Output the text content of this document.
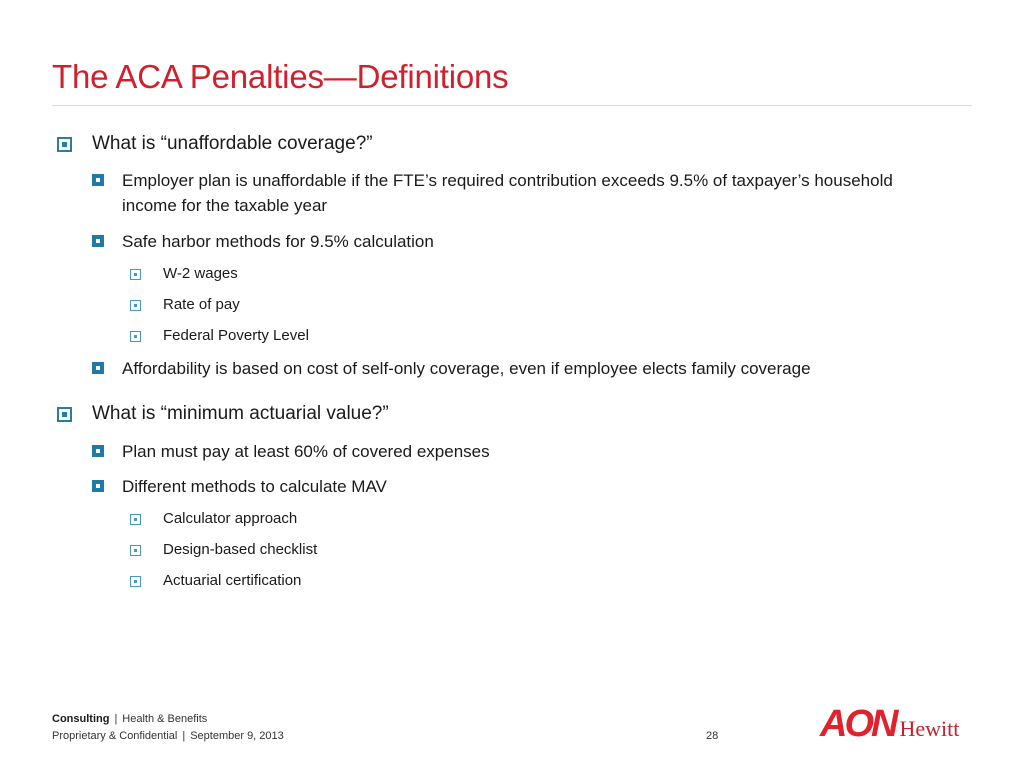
The ACA Penalties—Definitions
What is “unaffordable coverage?”
Employer plan is unaffordable if the FTE’s required contribution exceeds 9.5% of taxpayer’s household income for the taxable year
Safe harbor methods for 9.5% calculation
W-2 wages
Rate of pay
Federal Poverty Level
Affordability is based on cost of self-only coverage, even if employee elects family coverage
What is “minimum actuarial value?”
Plan must pay at least 60% of covered expenses
Different methods to calculate MAV
Calculator approach
Design-based checklist
Actuarial certification
Consulting | Health & Benefits
Proprietary & Confidential | September 9, 2013	28	AON Hewitt
